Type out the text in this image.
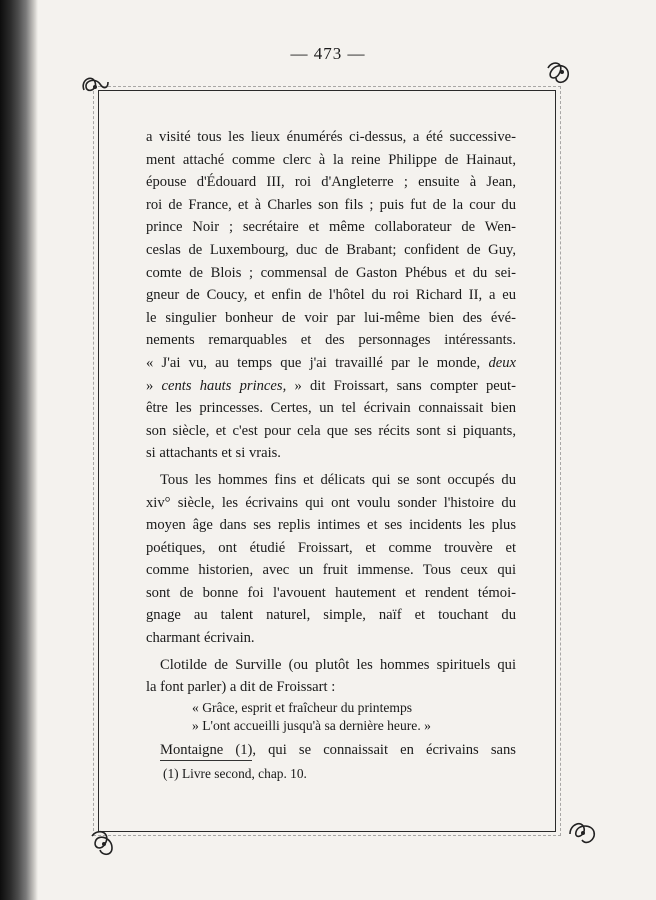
— 473 —
a visité tous les lieux énumérés ci-dessus, a été successive-
ment attaché comme clerc à la reine Philippe de Hainaut,
épouse d'Édouard III, roi d'Angleterre ; ensuite à Jean,
roi de France, et à Charles son fils ; puis fut de la cour du
prince Noir ; secrétaire et même collaborateur de Wen-
ceslas de Luxembourg, duc de Brabant; confident de Guy,
comte de Blois ; commensal de Gaston Phébus et du sei-
gneur de Coucy, et enfin de l'hôtel du roi Richard II, a eu
le singulier bonheur de voir par lui-même bien des évé-
nements remarquables et des personnages intéressants.
« J'ai vu, au temps que j'ai travaillé par le monde, deux
» cents hauts princes, » dit Froissart, sans compter peut-
être les princesses. Certes, un tel écrivain connaissait bien
son siècle, et c'est pour cela que ses récits sont si piquants,
si attachants et si vrais.
Tous les hommes fins et délicats qui se sont occupés du
xiv° siècle, les écrivains qui ont voulu sonder l'histoire du
moyen âge dans ses replis intimes et ses incidents les plus
poétiques, ont étudié Froissart, et comme trouvère et
comme historien, avec un fruit immense. Tous ceux qui
sont de bonne foi l'avouent hautement et rendent témoi-
gnage au talent naturel, simple, naïf et touchant du
charmant écrivain.
Clotilde de Surville (ou plutôt les hommes spirituels qui
la font parler) a dit de Froissart :
« Grâce, esprit et fraîcheur du printemps
» L'ont accueilli jusqu'à sa dernière heure. »
Montaigne (1), qui se connaissait en écrivains sans
(1) Livre second, chap. 10.
